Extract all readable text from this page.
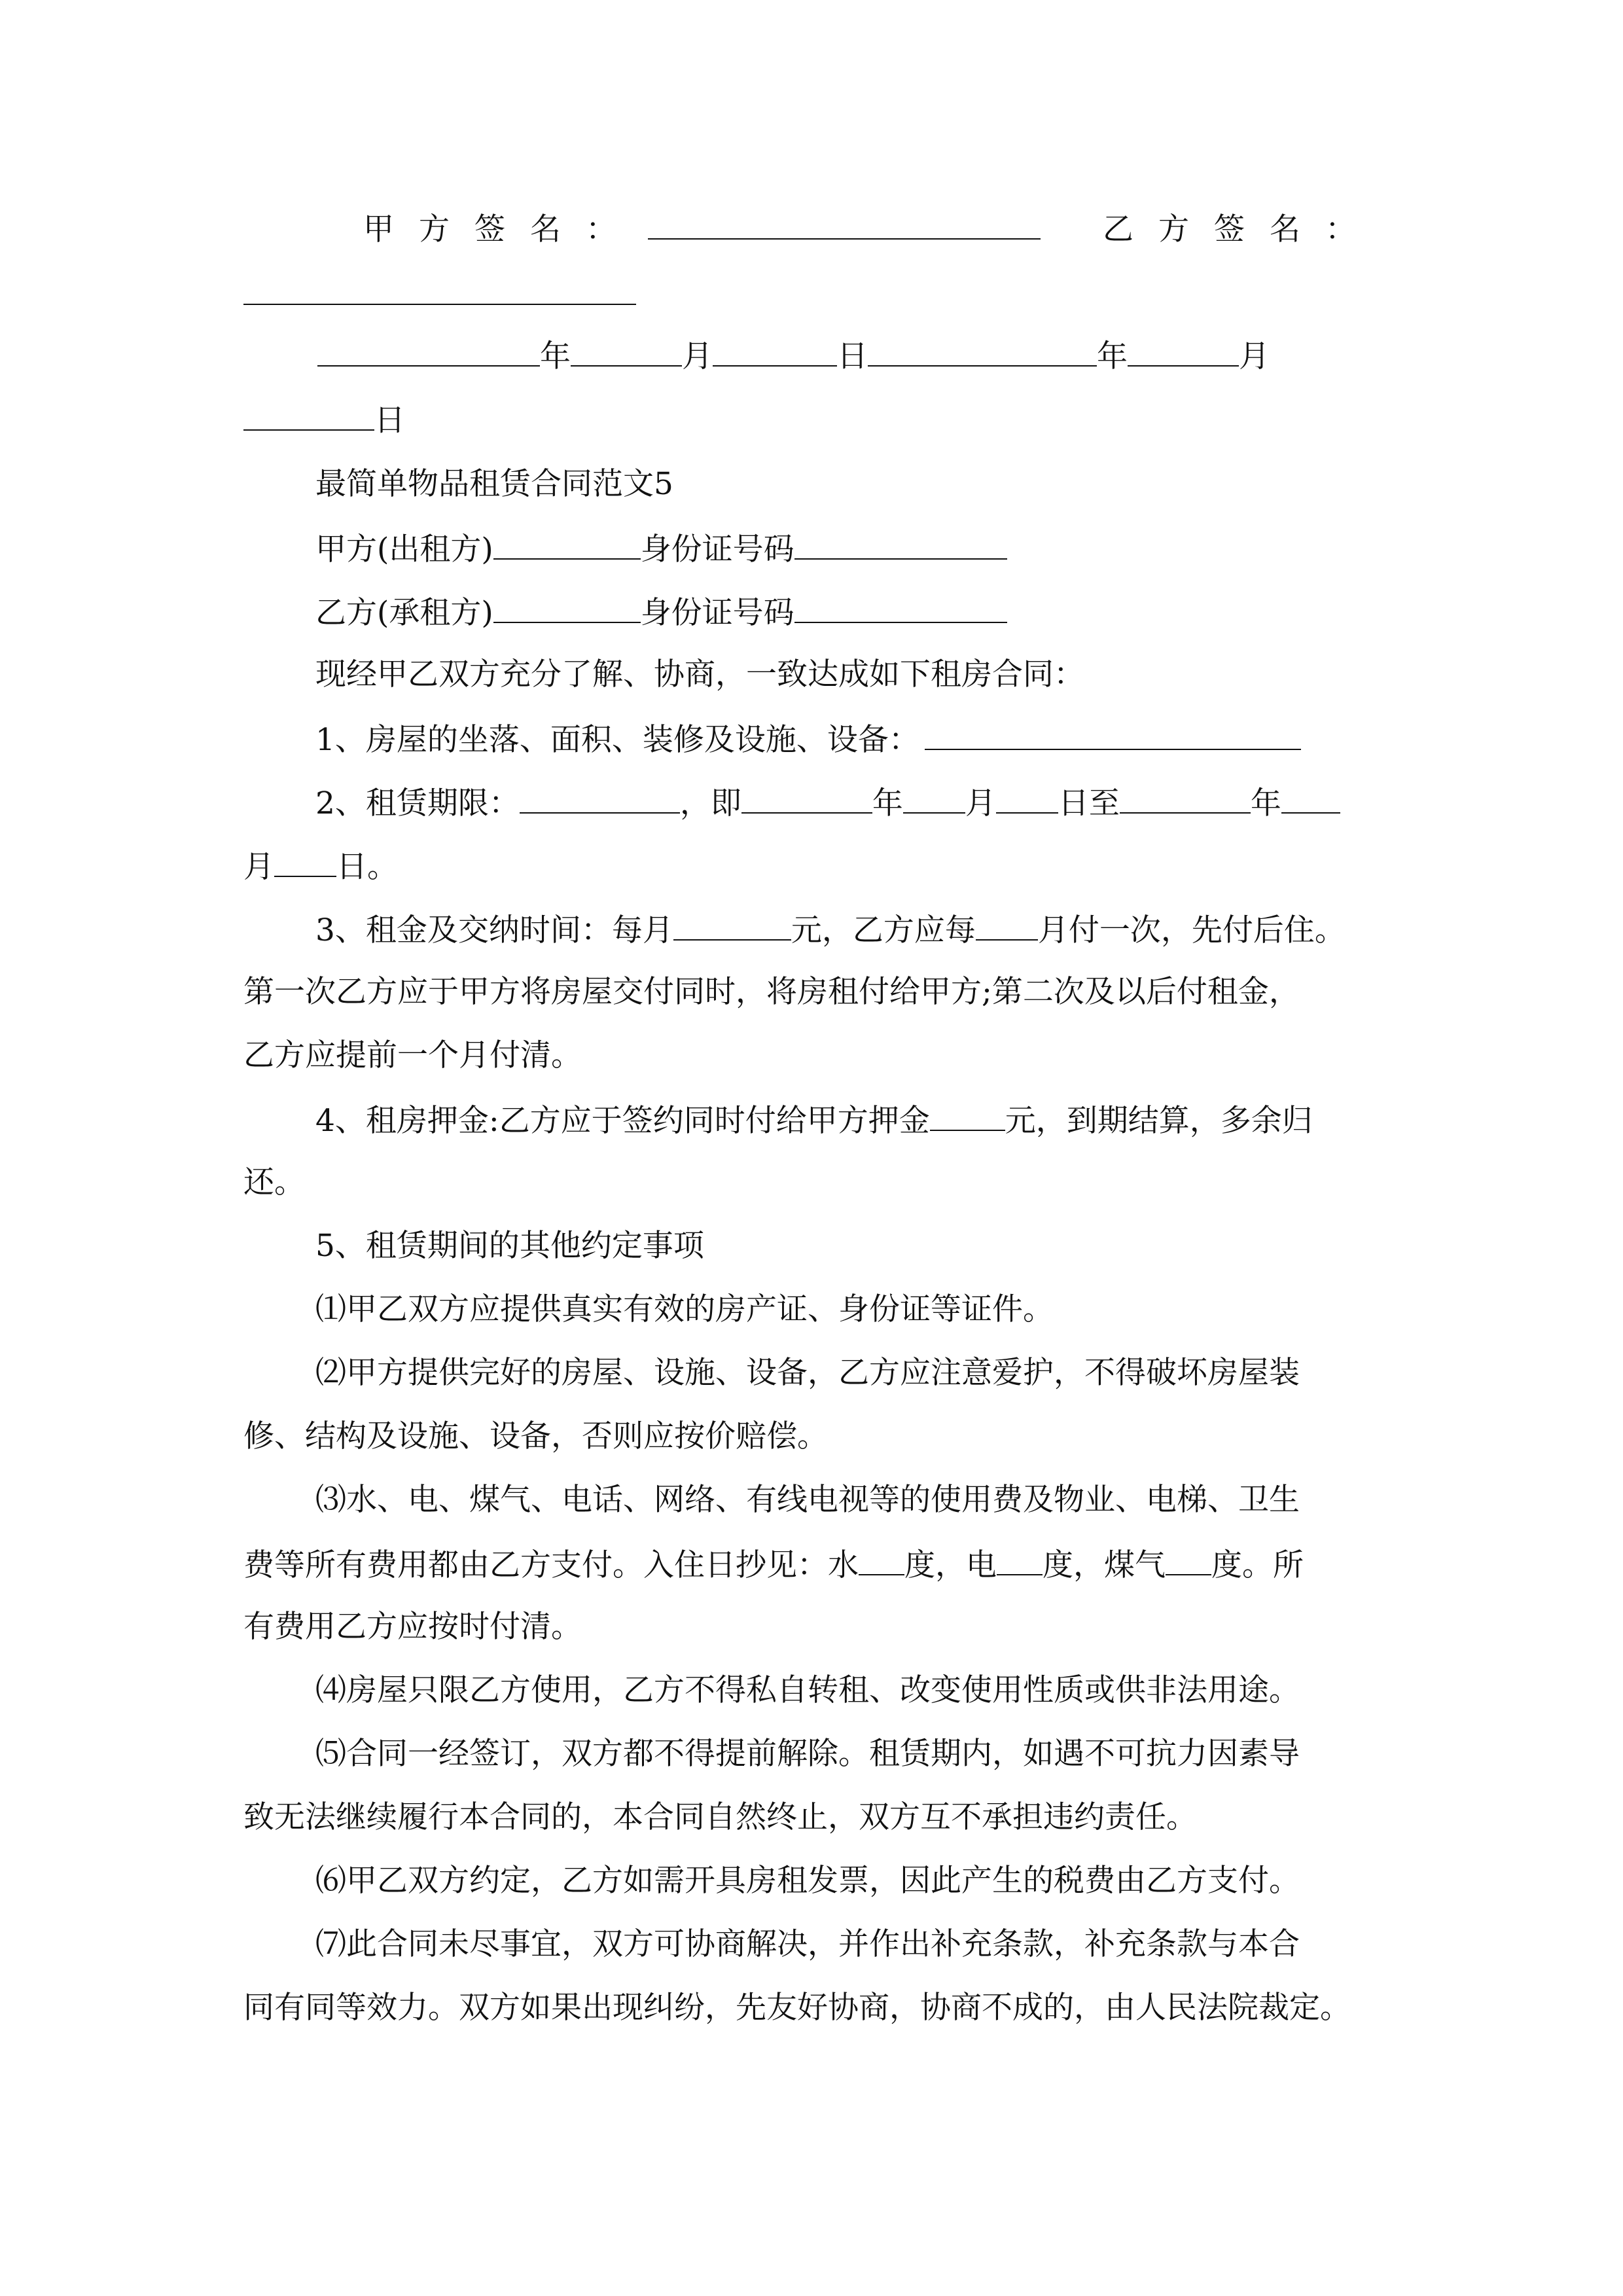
甲方签名：	乙方签名：
年	月	日	年	月
日
最简单物品租赁合同范文5
甲方(出租方)	身份证号码
乙方(承租方)	身份证号码
现经甲乙双方充分了解、协商，一致达成如下租房合同：
1、房屋的坐落、面积、装修及设施、设备：
2、租赁期限：	，即	年 月 日至	年
月 日。
3、租金及交纳时间：每月	元，乙方应每 月付一次，先付后住。
第一次乙方应于甲方将房屋交付同时，将房租付给甲方;第二次及以后付租金，
乙方应提前一个月付清。
4、租房押金:乙方应于签约同时付给甲方押金 元，到期结算，多余归
还。
5、租赁期间的其他约定事项
⑴甲乙双方应提供真实有效的房产证、身份证等证件。
⑵甲方提供完好的房屋、设施、设备，乙方应注意爱护，不得破坏房屋装
修、结构及设施、设备，否则应按价赔偿。
⑶水、电、煤气、电话、网络、有线电视等的使用费及物业、电梯、卫生
费等所有费用都由乙方支付。入住日抄见：水 度，电 度，煤气 度。所
有费用乙方应按时付清。
⑷房屋只限乙方使用，乙方不得私自转租、改变使用性质或供非法用途。
⑸合同一经签订，双方都不得提前解除。租赁期内，如遇不可抗力因素导
致无法继续履行本合同的，本合同自然终止，双方互不承担违约责任。
⑹甲乙双方约定，乙方如需开具房租发票，因此产生的税费由乙方支付。
⑺此合同未尽事宜，双方可协商解决，并作出补充条款，补充条款与本合
同有同等效力。双方如果出现纠纷，先友好协商，协商不成的，由人民法院裁定。
